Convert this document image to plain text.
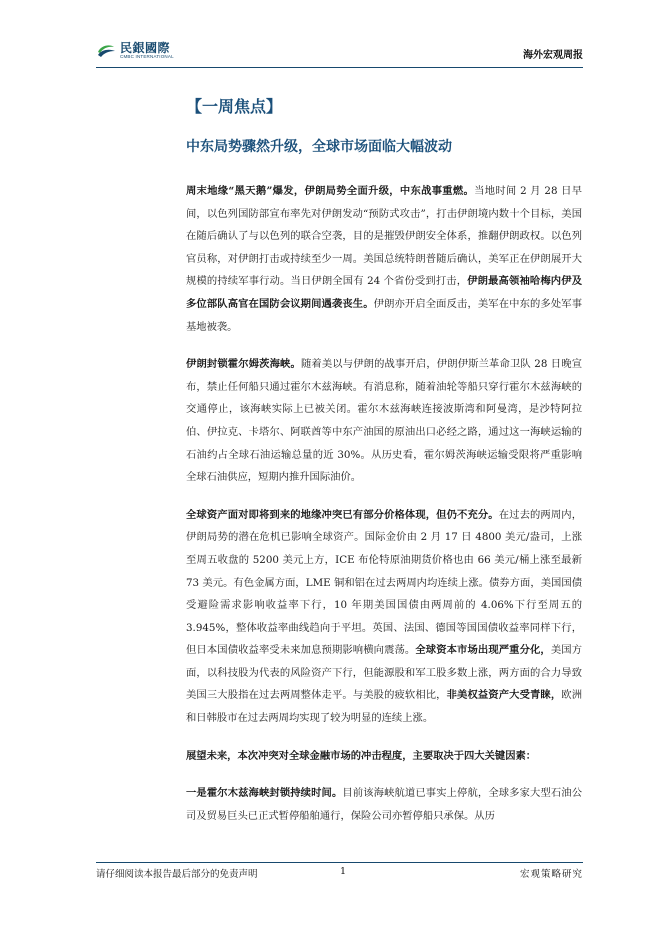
民銀國際
CMBC INTERNATIONAL	海外宏观周报
【一周焦点】
中东局势骤然升级，全球市场面临大幅波动

周末地缘“黑天鹅”爆发，伊朗局势全面升级，中东战事重燃。当地时间 2 月 28 日早间，以色列国防部宣布率先对伊朗发动“预防式攻击”，打击伊朗境内数十个目标，美国在随后确认了与以色列的联合空袭，目的是摧毁伊朗安全体系，推翻伊朗政权。以色列官员称，对伊朗打击或持续至少一周。美国总统特朗普随后确认，美军正在伊朗展开大规模的持续军事行动。当日伊朗全国有 24 个省份受到打击，伊朗最高领袖哈梅内伊及多位部队高官在国防会议期间遇袭丧生。伊朗亦开启全面反击，美军在中东的多处军事基地被袭。

伊朗封锁霍尔姆茨海峡。随着美以与伊朗的战事开启，伊朗伊斯兰革命卫队 28 日晚宣布，禁止任何船只通过霍尔木兹海峡。有消息称，随着油轮等船只穿行霍尔木兹海峡的交通停止，该海峡实际上已被关闭。霍尔木兹海峡连接波斯湾和阿曼湾，是沙特阿拉伯、伊拉克、卡塔尔、阿联酋等中东产油国的原油出口必经之路，通过这一海峡运输的石油约占全球石油运输总量的近 30%。从历史看，霍尔姆茨海峡运输受限将严重影响全球石油供应，短期内推升国际油价。

全球资产面对即将到来的地缘冲突已有部分价格体现，但仍不充分。在过去的两周内，伊朗局势的潜在危机已影响全球资产。国际金价由 2 月 17 日 4800 美元/盎司，上涨至周五收盘的 5200 美元上方，ICE 布伦特原油期货价格也由 66 美元/桶上涨至最新 73 美元。有色金属方面，LME 铜和铝在过去两周内均连续上涨。债券方面，美国国债受避险需求影响收益率下行，10 年期美国国债由两周前的 4.06%下行至周五的 3.945%，整体收益率曲线趋向于平坦。英国、法国、德国等国国债收益率同样下行，但日本国债收益率受未来加息预期影响横向震荡。全球资本市场出现严重分化，美国方面，以科技股为代表的风险资产下行，但能源股和军工股多数上涨，两方面的合力导致美国三大股指在过去两周整体走平。与美股的疲软相比，非美权益资产大受青睐，欧洲和日韩股市在过去两周均实现了较为明显的连续上涨。

展望未来，本次冲突对全球金融市场的冲击程度，主要取决于四大关键因素：

一是霍尔木兹海峡封锁持续时间。目前该海峡航道已事实上停航，全球多家大型石油公司及贸易巨头已正式暂停船舶通行，保险公司亦暂停船只承保。从历

请仔细阅读本报告最后部分的免责声明	1	宏观策略研究
